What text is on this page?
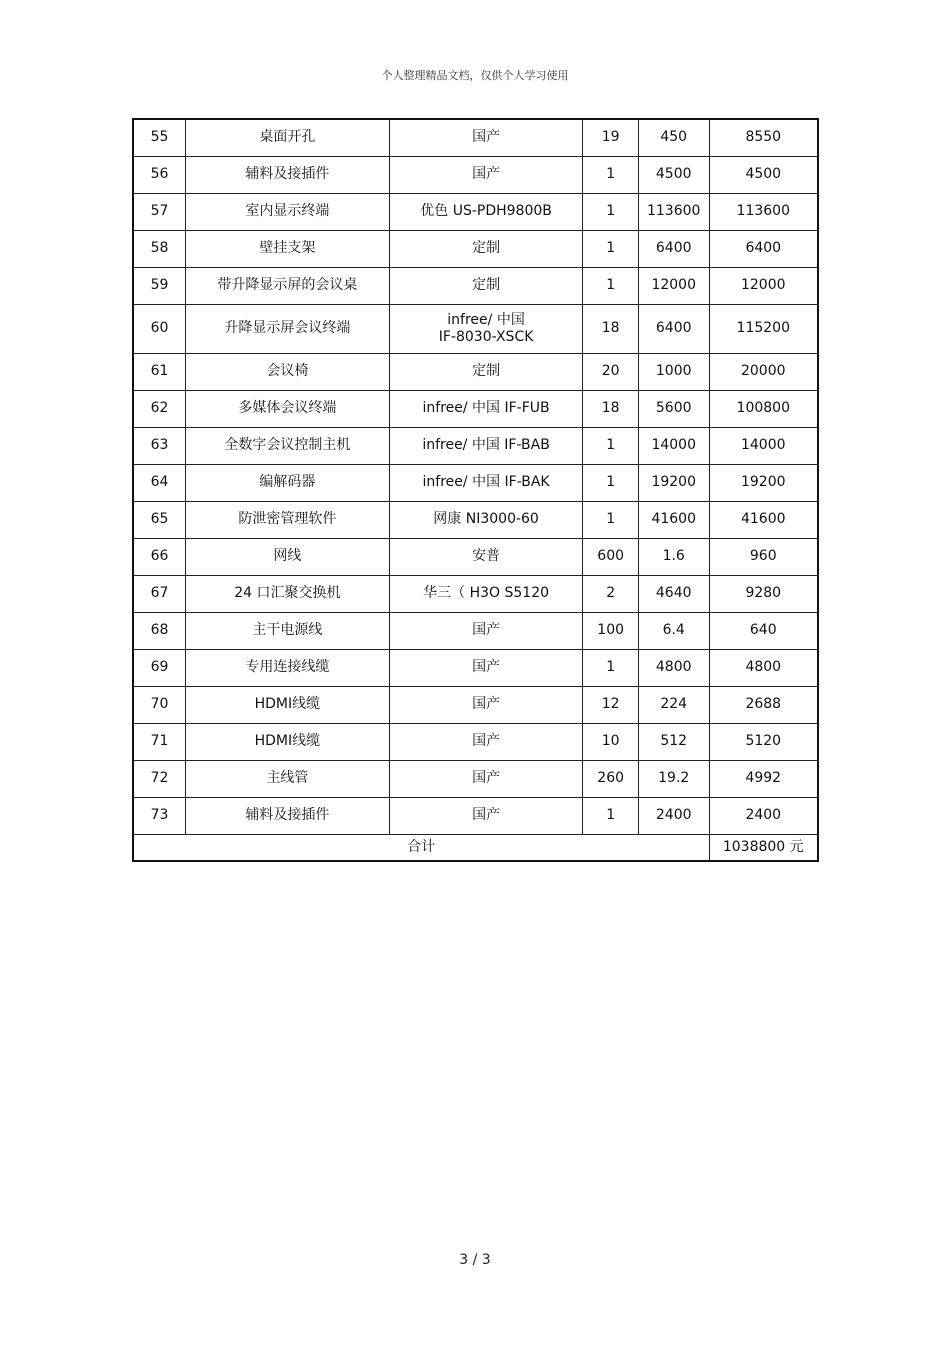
个人整理精品文档，仅供个人学习使用
55	桌面开孔	国产	19	450	8550
56	辅料及接插件	国产	1	4500	4500
57	室内显示终端	优色 US-PDH9800B	1	113600	113600
58	壁挂支架	定制	1	6400	6400
59	带升降显示屏的会议桌	定制	1	12000	12000
60	升降显示屏会议终端	infree/ 中国
IF-8030-XSCK	18	6400	115200
61	会议椅	定制	20	1000	20000
62	多媒体会议终端	infree/ 中国 IF-FUB	18	5600	100800
63	全数字会议控制主机	infree/ 中国 IF-BAB	1	14000	14000
64	编解码器	infree/ 中国 IF-BAK	1	19200	19200
65	防泄密管理软件	网康 NI3000-60	1	41600	41600
66	网线	安普	600	1.6	960
67	24 口汇聚交换机	华三（ H3O S5120	2	4640	9280
68	主干电源线	国产	100	6.4	640
69	专用连接线缆	国产	1	4800	4800
70	HDMI线缆	国产	12	224	2688
71	HDMI线缆	国产	10	512	5120
72	主线管	国产	260	19.2	4992
73	辅料及接插件	国产	1	2400	2400
合计					1038800 元
3 / 3
